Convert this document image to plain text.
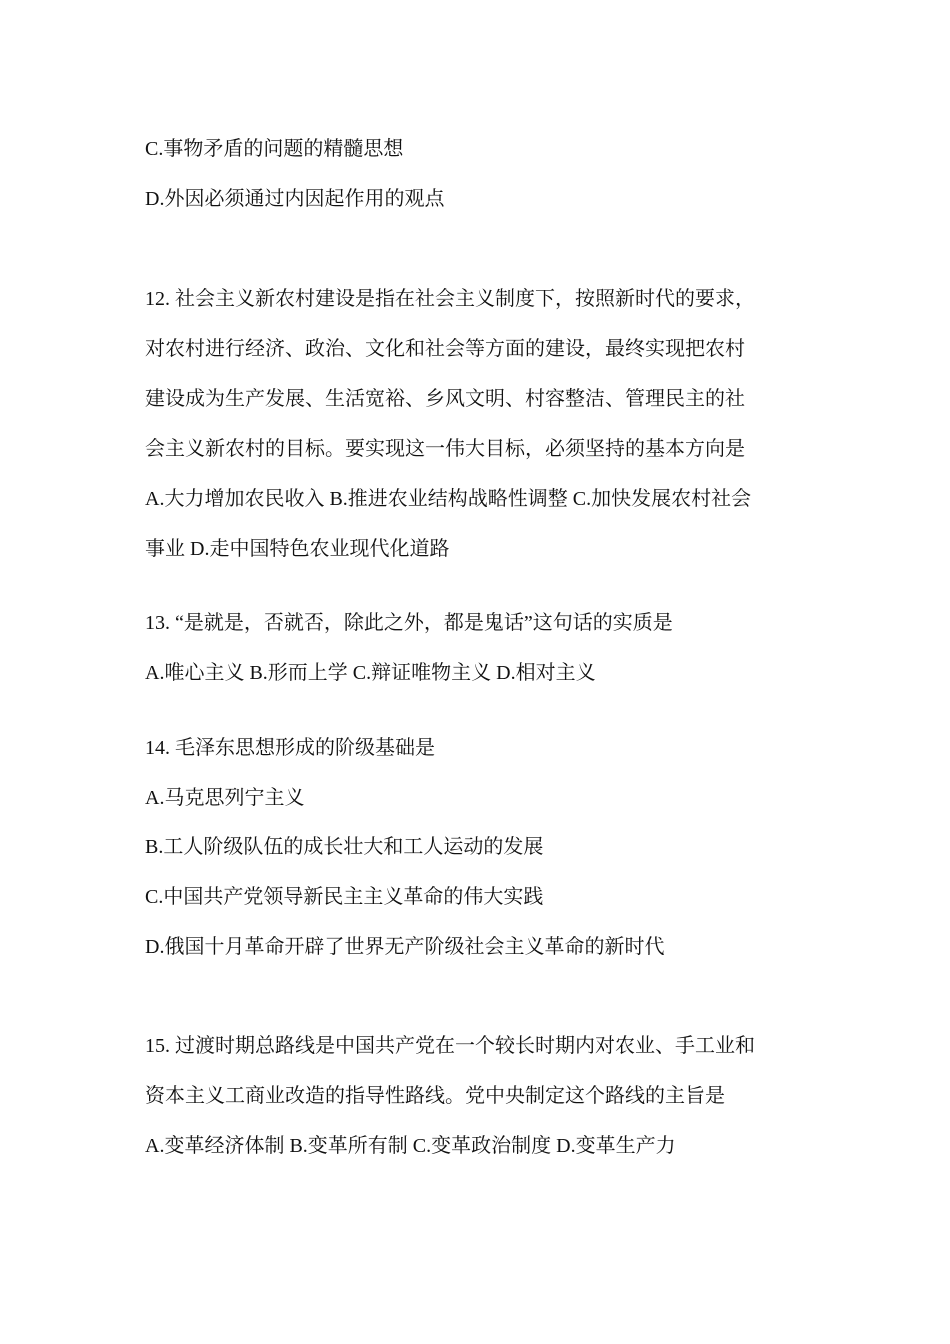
C.事物矛盾的问题的精髓思想
D.外因必须通过内因起作用的观点
12. 社会主义新农村建设是指在社会主义制度下，按照新时代的要求，
对农村进行经济、政治、文化和社会等方面的建设，最终实现把农村
建设成为生产发展、生活宽裕、乡风文明、村容整洁、管理民主的社
会主义新农村的目标。要实现这一伟大目标，必须坚持的基本方向是
A.大力增加农民收入 B.推进农业结构战略性调整 C.加快发展农村社会
事业 D.走中国特色农业现代化道路
13. “是就是，否就否，除此之外，都是鬼话”这句话的实质是
A.唯心主义 B.形而上学 C.辩证唯物主义 D.相对主义
14. 毛泽东思想形成的阶级基础是
A.马克思列宁主义
B.工人阶级队伍的成长壮大和工人运动的发展
C.中国共产党领导新民主主义革命的伟大实践
D.俄国十月革命开辟了世界无产阶级社会主义革命的新时代
15. 过渡时期总路线是中国共产党在一个较长时期内对农业、手工业和
资本主义工商业改造的指导性路线。党中央制定这个路线的主旨是
A.变革经济体制 B.变革所有制 C.变革政治制度 D.变革生产力
